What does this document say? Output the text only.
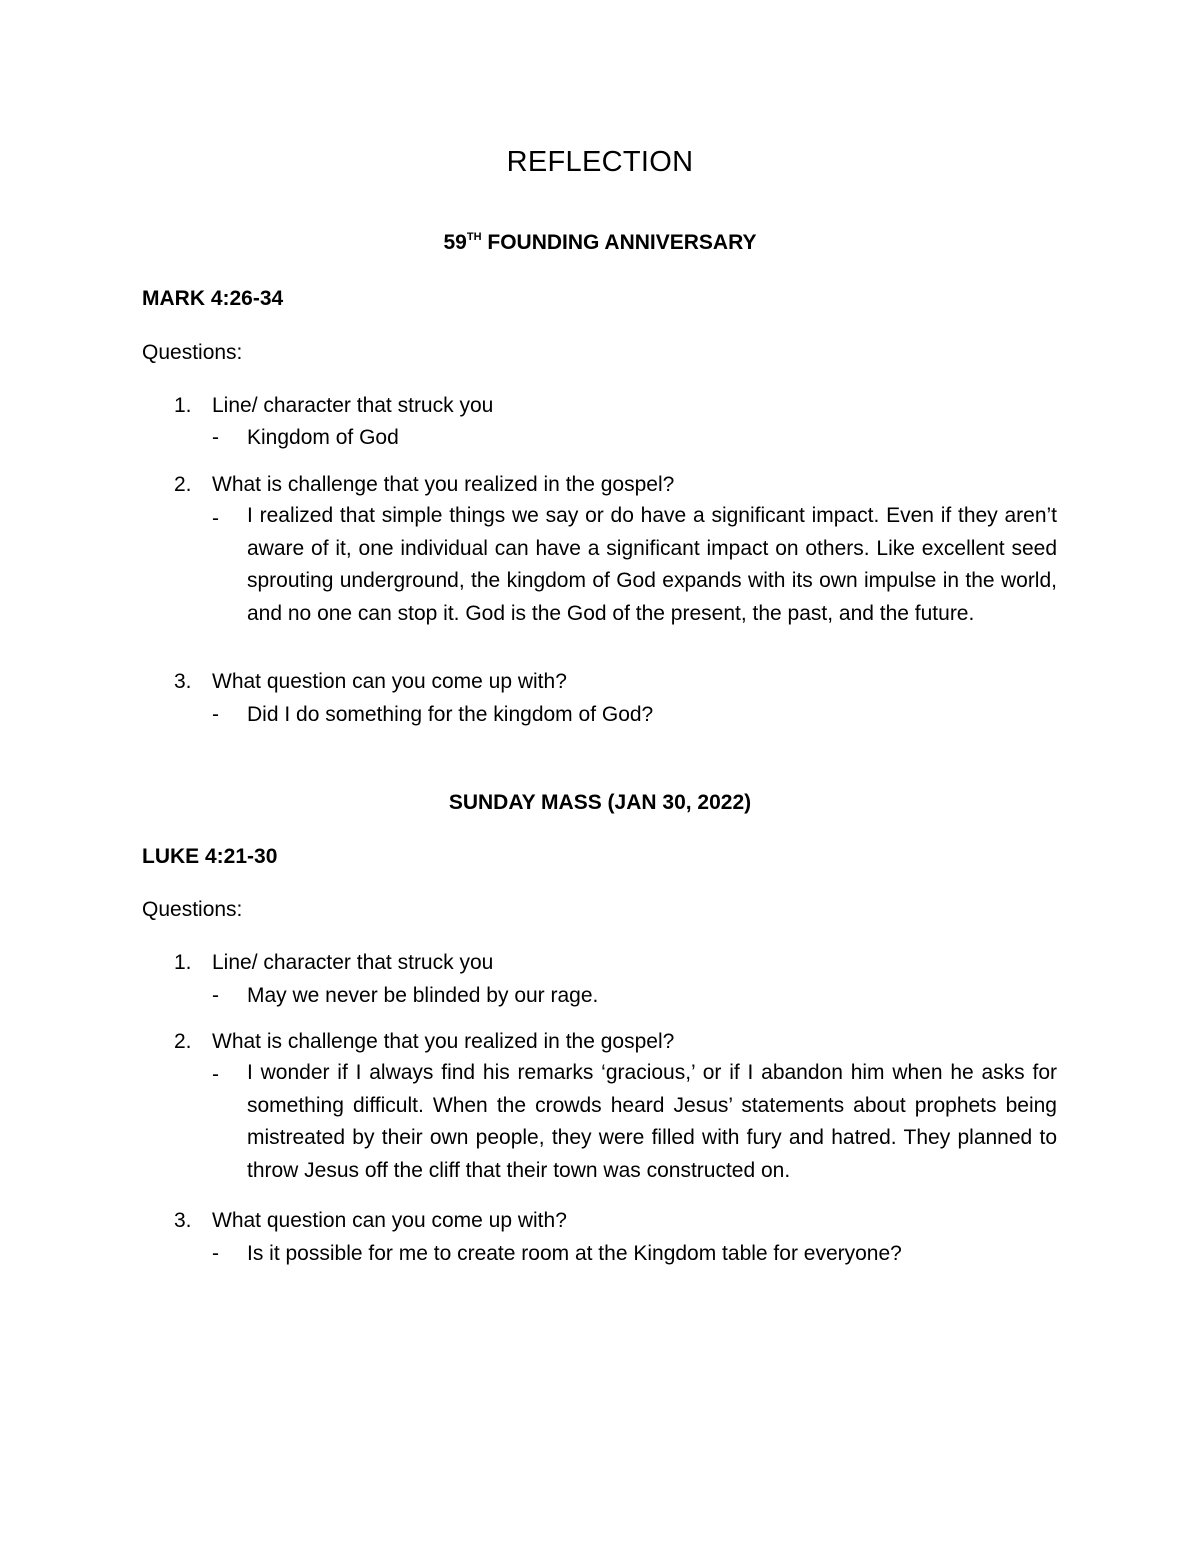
REFLECTION
59TH FOUNDING ANNIVERSARY
MARK 4:26-34
Questions:
1. Line/ character that struck you
- Kingdom of God
2. What is challenge that you realized in the gospel?
- I realized that simple things we say or do have a significant impact. Even if they aren’t aware of it, one individual can have a significant impact on others. Like excellent seed sprouting underground, the kingdom of God expands with its own impulse in the world, and no one can stop it. God is the God of the present, the past, and the future.
3. What question can you come up with?
- Did I do something for the kingdom of God?
SUNDAY MASS (JAN 30, 2022)
LUKE 4:21-30
Questions:
1. Line/ character that struck you
- May we never be blinded by our rage.
2. What is challenge that you realized in the gospel?
- I wonder if I always find his remarks ‘gracious,’ or if I abandon him when he asks for something difficult. When the crowds heard Jesus’ statements about prophets being mistreated by their own people, they were filled with fury and hatred. They planned to throw Jesus off the cliff that their town was constructed on.
3. What question can you come up with?
- Is it possible for me to create room at the Kingdom table for everyone?
